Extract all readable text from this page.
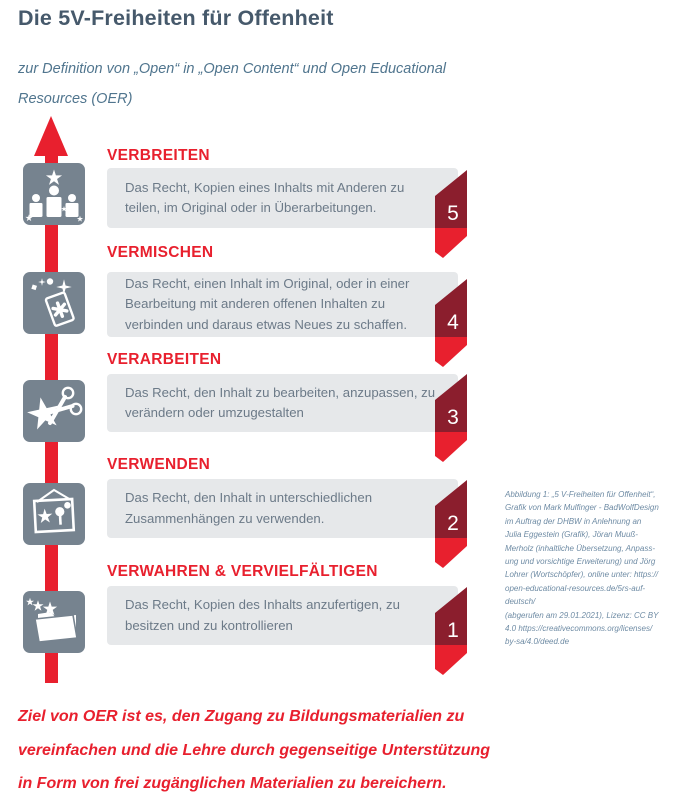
Die 5V-Freiheiten für Offenheit
zur Definition von „Open“ in „Open Content“ und Open Educational
Resources (OER)
VERBREITEN
Das Recht, Kopien eines Inhalts mit Anderen zu teilen, im Original oder in Überarbeitungen.	5
VERMISCHEN
Das Recht, einen Inhalt im Original, oder in einer Bearbeitung mit anderen offenen Inhalten zu verbinden und daraus etwas Neues zu schaffen.	4
VERARBEITEN
Das Recht, den Inhalt zu bearbeiten, anzupassen, zu verändern oder umzugestalten	3
VERWENDEN
Das Recht, den Inhalt in unterschiedlichen Zusammenhängen zu verwenden.	2
VERWAHREN & VERVIELFÄLTIGEN
Das Recht, Kopien des Inhalts anzufertigen, zu besitzen und zu kontrollieren	1
Abbildung 1: „5 V-Freiheiten für Offenheit“,
Grafik von Mark Mulfinger - BadWolfDesign
im Auftrag der DHBW in Anlehnung an
Julia Eggestein (Grafik), Jöran Muuß-
Merholz (inhaltliche Übersetzung, Anpass-
ung und vorsichtige Erweiterung) und Jörg
Lohrer (Wortschöpfer), online unter: https://
open-educational-resources.de/5rs-auf-
deutsch/
(abgerufen am 29.01.2021), Lizenz: CC BY
4.0 https://creativecommons.org/licenses/
by-sa/4.0/deed.de
Ziel von OER ist es, den Zugang zu Bildungsmaterialien zu
vereinfachen und die Lehre durch gegenseitige Unterstützung
in Form von frei zugänglichen Materialien zu bereichern.
